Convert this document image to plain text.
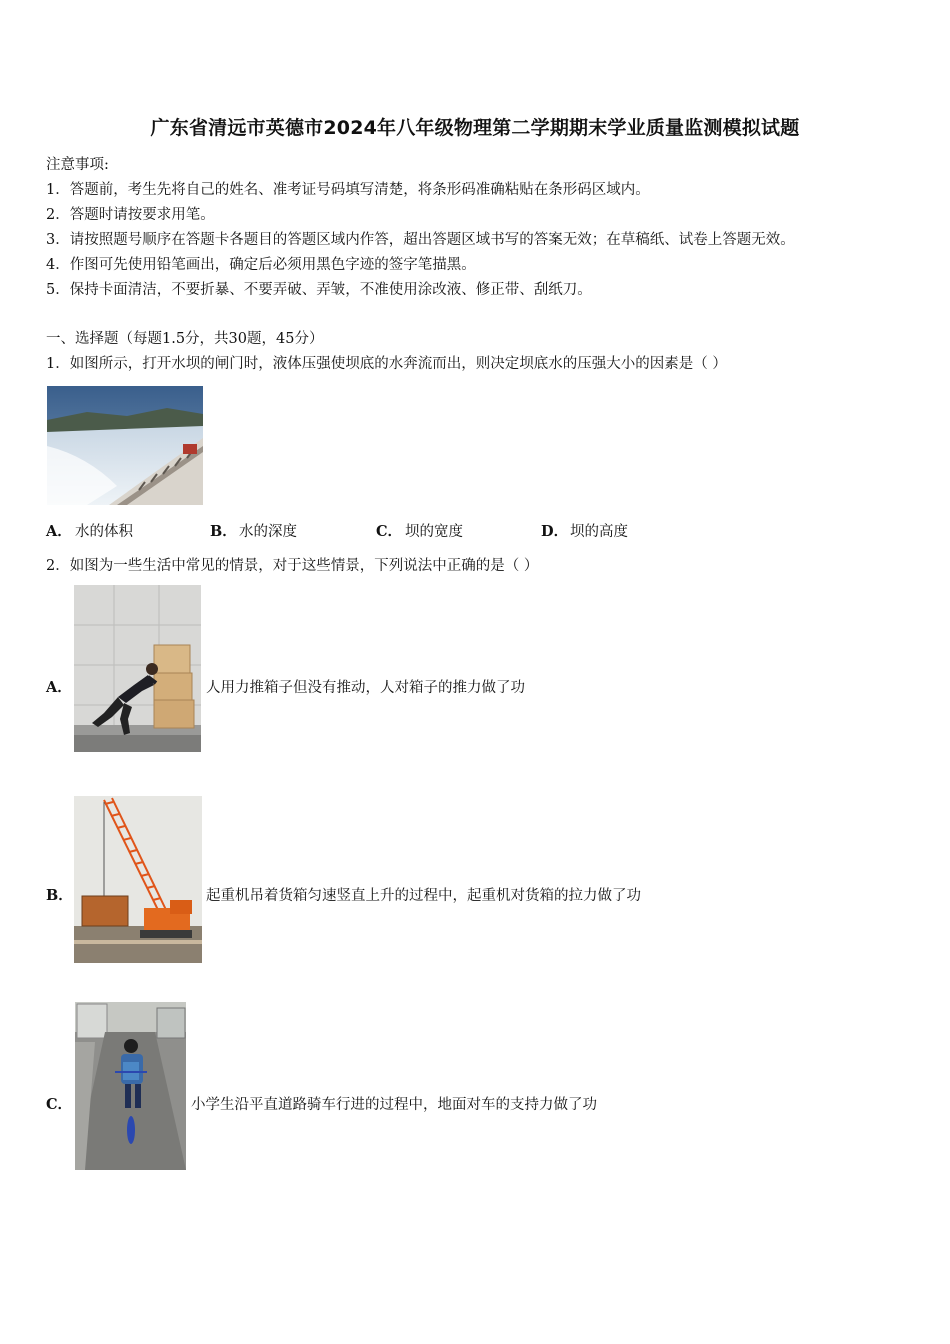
广东省清远市英德市2024年八年级物理第二学期期末学业质量监测模拟试题
注意事项:
1．答题前，考生先将自己的姓名、准考证号码填写清楚，将条形码准确粘贴在条形码区域内。
2．答题时请按要求用笔。
3．请按照题号顺序在答题卡各题目的答题区域内作答，超出答题区域书写的答案无效；在草稿纸、试卷上答题无效。
4．作图可先使用铅笔画出，确定后必须用黑色字迹的签字笔描黑。
5．保持卡面清洁，不要折暴、不要弄破、弄皱，不准使用涂改液、修正带、刮纸刀。
一、选择题（每题1.5分，共30题，45分）
1．如图所示，打开水坝的闸门时，液体压强使坝底的水奔流而出，则决定坝底水的压强大小的因素是（ ）
A． 水的体积	B． 水的深度	C． 坝的宽度	D． 坝的高度
2．如图为一些生活中常见的情景，对于这些情景，下列说法中正确的是（ ）
A．	人用力推箱子但没有推动，人对箱子的推力做了功
B．	起重机吊着货箱匀速竖直上升的过程中，起重机对货箱的拉力做了功
C．	小学生沿平直道路骑车行进的过程中，地面对车的支持力做了功
